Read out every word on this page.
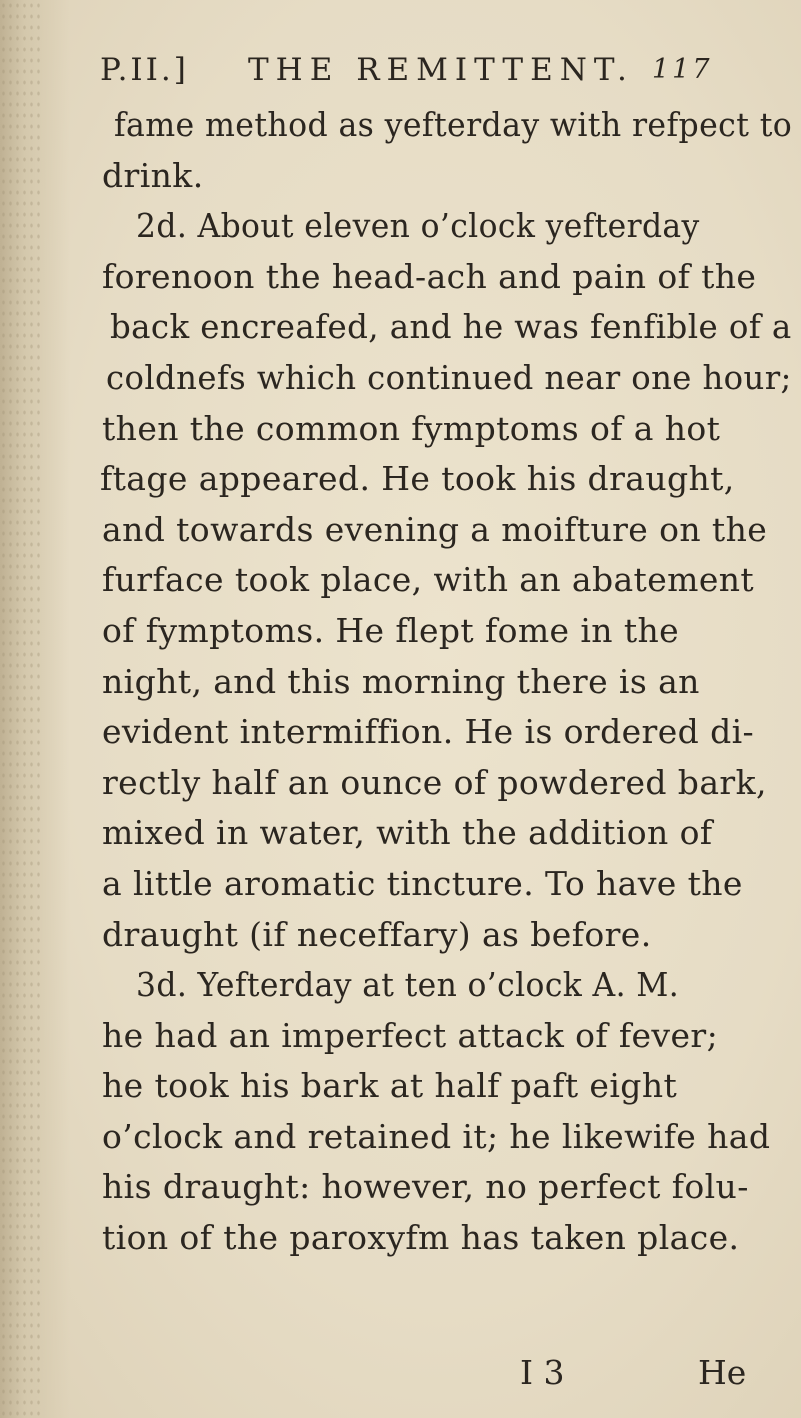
P.II.] THE REMITTENT. 117
fame method as yefterday with refpect to
drink.
2d. About eleven o’clock yefterday
forenoon the head-ach and pain of the
back encreafed, and he was fenfible of a
coldnefs which continued near one hour;
then the common fymptoms of a hot
ftage appeared. He took his draught,
and towards evening a moifture on the
furface took place, with an abatement
of fymptoms. He flept fome in the
night, and this morning there is an
evident intermiffion. He is ordered di-
rectly half an ounce of powdered bark,
mixed in water, with the addition of
a little aromatic tincture. To have the
draught (if neceffary) as before.
3d. Yefterday at ten o’clock A. M.
he had an imperfect attack of fever;
he took his bark at half paft eight
o’clock and retained it; he likewife had
his draught: however, no perfect folu-
tion of the paroxyfm has taken place.
I 3	He
